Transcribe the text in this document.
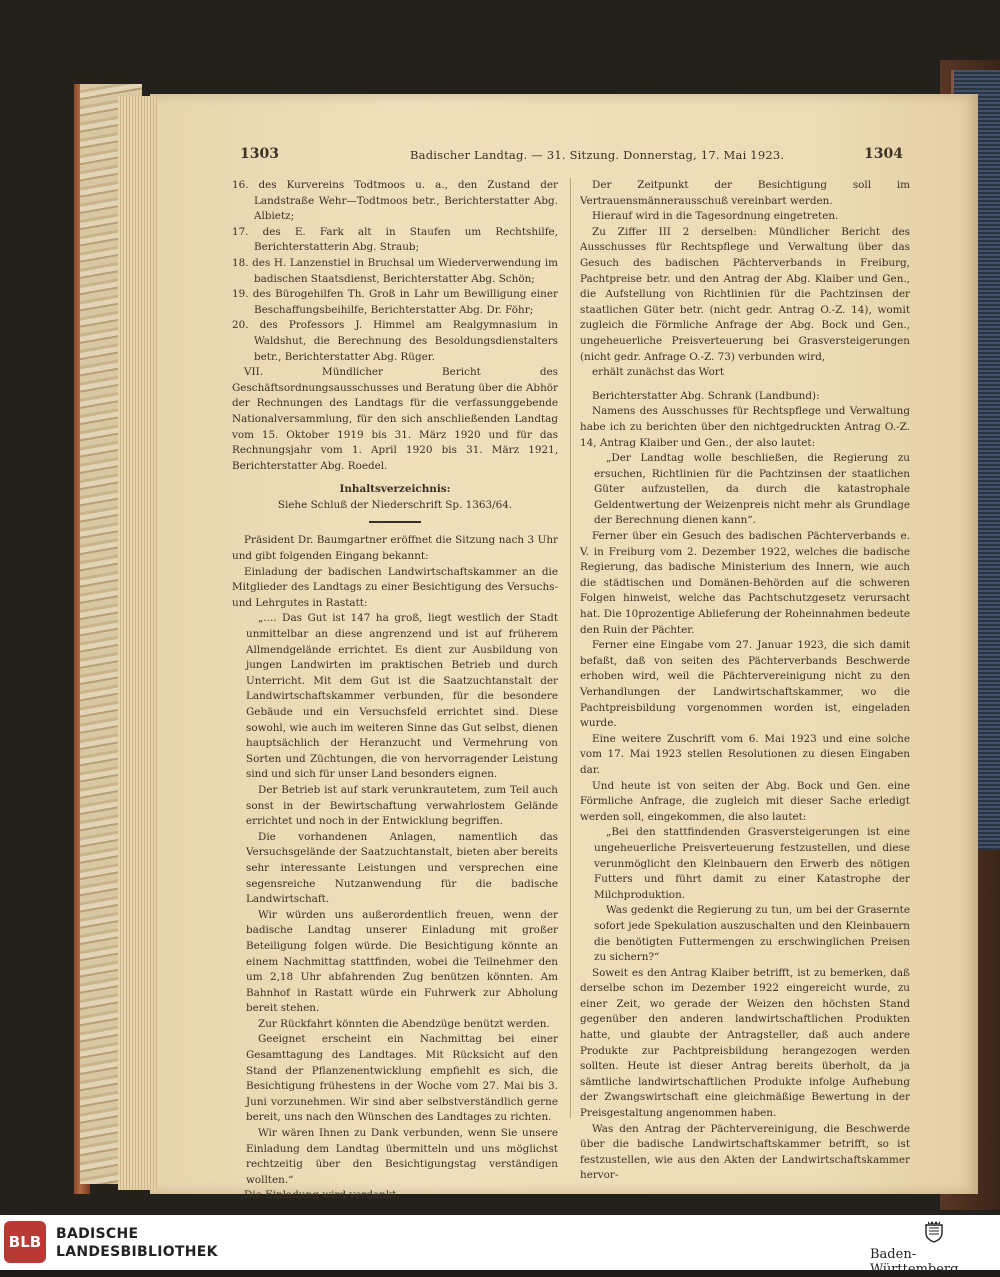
1303	Badischer Landtag. — 31. Sitzung. Donnerstag, 17. Mai 1923.	1304

16. des Kurvereins Todtmoos u. a., den Zustand der Landstraße Wehr—Todtmoos betr., Berichterstatter Abg. Albietz;

17. des E. Fark alt in Staufen um Rechtshilfe, Berichterstatterin Abg. Straub;

18. des H. Lanzenstiel in Bruchsal um Wiederverwendung im badischen Staatsdienst, Berichterstatter Abg. Schön;

19. des Bürogehilfen Th. Groß in Lahr um Bewilligung einer Beschaffungsbeihilfe, Berichterstatter Abg. Dr. Föhr;

20. des Professors J. Himmel am Realgymnasium in Waldshut, die Berechnung des Besoldungsdienstalters betr., Berichterstatter Abg. Rüger.

VII. Mündlicher Bericht des Geschäftsordnungsausschusses und Beratung über die Abhör der Rechnungen des Landtags für die verfassunggebende Nationalversammlung, für den sich anschließenden Landtag vom 15. Oktober 1919 bis 31. März 1920 und für das Rechnungsjahr vom 1. April 1920 bis 31. März 1921, Berichterstatter Abg. Roedel.

Inhaltsverzeichnis:

Siehe Schluß der Niederschrift Sp. 1363/64.

Präsident Dr. Baumgartner eröffnet die Sitzung nach 3 Uhr und gibt folgenden Eingang bekannt:

Einladung der badischen Landwirtschaftskammer an die Mitglieder des Landtags zu einer Besichtigung des Versuchs- und Lehrgutes in Rastatt:

„.... Das Gut ist 147 ha groß, liegt westlich der Stadt unmittelbar an diese angrenzend und ist auf früherem Allmendgelände errichtet. Es dient zur Ausbildung von jungen Landwirten im praktischen Betrieb und durch Unterricht. Mit dem Gut ist die Saatzuchtanstalt der Landwirtschaftskammer verbunden, für die besondere Gebäude und ein Versuchsfeld errichtet sind. Diese sowohl, wie auch im weiteren Sinne das Gut selbst, dienen hauptsächlich der Heranzucht und Vermehrung von Sorten und Züchtungen, die von hervorragender Leistung sind und sich für unser Land besonders eignen.

Der Betrieb ist auf stark verunkrautetem, zum Teil auch sonst in der Bewirtschaftung verwahrlostem Gelände errichtet und noch in der Entwicklung begriffen.

Die vorhandenen Anlagen, namentlich das Versuchsgelände der Saatzuchtanstalt, bieten aber bereits sehr interessante Leistungen und versprechen eine segensreiche Nutzanwendung für die badische Landwirtschaft.

Wir würden uns außerordentlich freuen, wenn der badische Landtag unserer Einladung mit großer Beteiligung folgen würde. Die Besichtigung könnte an einem Nachmittag stattfinden, wobei die Teilnehmer den um 2,18 Uhr abfahrenden Zug benützen könnten. Am Bahnhof in Rastatt würde ein Fuhrwerk zur Abholung bereit stehen.

Zur Rückfahrt könnten die Abendzüge benützt werden.

Geeignet erscheint ein Nachmittag bei einer Gesamttagung des Landtages. Mit Rücksicht auf den Stand der Pflanzenentwicklung empfiehlt es sich, die Besichtigung frühestens in der Woche vom 27. Mai bis 3. Juni vorzunehmen. Wir sind aber selbstverständlich gerne bereit, uns nach den Wünschen des Landtages zu richten.

Wir wären Ihnen zu Dank verbunden, wenn Sie unsere Einladung dem Landtag übermitteln und uns möglichst rechtzeitig über den Besichtigungstag verständigen wollten.“

Die Einladung wird verdankt.

Der Zeitpunkt der Besichtigung soll im Vertrauensmännerausschuß vereinbart werden.

Hierauf wird in die Tagesordnung eingetreten.

Zu Ziffer III 2 derselben: Mündlicher Bericht des Ausschusses für Rechtspflege und Verwaltung über das Gesuch des badischen Pächterverbands in Freiburg, Pachtpreise betr. und den Antrag der Abg. Klaiber und Gen., die Aufstellung von Richtlinien für die Pachtzinsen der staatlichen Güter betr. (nicht gedr. Antrag O.-Z. 14), womit zugleich die Förmliche Anfrage der Abg. Bock und Gen., ungeheuerliche Preisverteuerung bei Grasversteigerungen (nicht gedr. Anfrage O.-Z. 73) verbunden wird,

erhält zunächst das Wort

Berichterstatter Abg. Schrank (Landbund):

Namens des Ausschusses für Rechtspflege und Verwaltung habe ich zu berichten über den nichtgedruckten Antrag O.-Z. 14, Antrag Klaiber und Gen., der also lautet:

„Der Landtag wolle beschließen, die Regierung zu ersuchen, Richtlinien für die Pachtzinsen der staatlichen Güter aufzustellen, da durch die katastrophale Geldentwertung der Weizenpreis nicht mehr als Grundlage der Berechnung dienen kann“.

Ferner über ein Gesuch des badischen Pächterverbands e. V. in Freiburg vom 2. Dezember 1922, welches die badische Regierung, das badische Ministerium des Innern, wie auch die städtischen und Domänen-Behörden auf die schweren Folgen hinweist, welche das Pachtschutzgesetz verursacht hat. Die 10prozentige Ablieferung der Roheinnahmen bedeute den Ruin der Pächter.

Ferner eine Eingabe vom 27. Januar 1923, die sich damit befaßt, daß von seiten des Pächterverbands Beschwerde erhoben wird, weil die Pächtervereinigung nicht zu den Verhandlungen der Landwirtschaftskammer, wo die Pachtpreisbildung vorgenommen worden ist, eingeladen wurde.

Eine weitere Zuschrift vom 6. Mai 1923 und eine solche vom 17. Mai 1923 stellen Resolutionen zu diesen Eingaben dar.

Und heute ist von seiten der Abg. Bock und Gen. eine Förmliche Anfrage, die zugleich mit dieser Sache erledigt werden soll, eingekommen, die also lautet:

„Bei den stattfindenden Grasversteigerungen ist eine ungeheuerliche Preisverteuerung festzustellen, und diese verunmöglicht den Kleinbauern den Erwerb des nötigen Futters und führt damit zu einer Katastrophe der Milchproduktion.

Was gedenkt die Regierung zu tun, um bei der Grasernte sofort jede Spekulation auszuschalten und den Kleinbauern die benötigten Futtermengen zu erschwinglichen Preisen zu sichern?“

Soweit es den Antrag Klaiber betrifft, ist zu bemerken, daß derselbe schon im Dezember 1922 eingereicht wurde, zu einer Zeit, wo gerade der Weizen den höchsten Stand gegenüber den anderen landwirtschaftlichen Produkten hatte, und glaubte der Antragsteller, daß auch andere Produkte zur Pachtpreisbildung herangezogen werden sollten. Heute ist dieser Antrag bereits überholt, da ja sämtliche landwirtschaftlichen Produkte infolge Aufhebung der Zwangswirtschaft eine gleichmäßige Bewertung in der Preisgestaltung angenommen haben.

Was den Antrag der Pächtervereinigung, die Beschwerde über die badische Landwirtschaftskammer betrifft, so ist festzustellen, wie aus den Akten der Landwirtschaftskammer hervor-

BLB	BADISCHE
LANDESBIBLIOTHEK	Baden-Württemberg
